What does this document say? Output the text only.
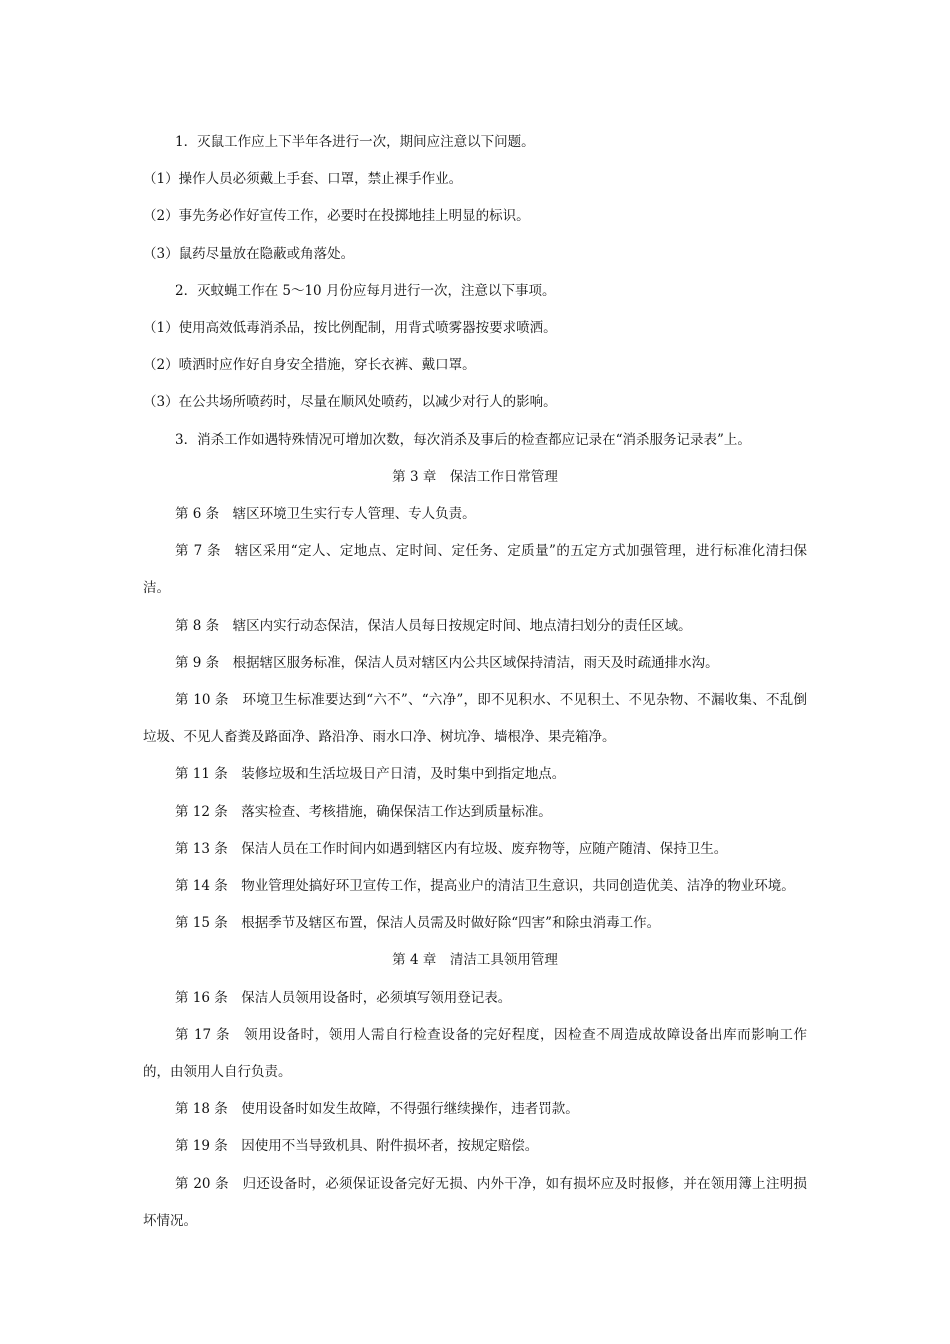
1．灭鼠工作应上下半年各进行一次，期间应注意以下问题。

（1）操作人员必须戴上手套、口罩，禁止裸手作业。

（2）事先务必作好宣传工作，必要时在投掷地挂上明显的标识。

（3）鼠药尽量放在隐蔽或角落处。

2．灭蚊蝇工作在 5～10 月份应每月进行一次，注意以下事项。

（1）使用高效低毒消杀品，按比例配制，用背式喷雾器按要求喷洒。

（2）喷洒时应作好自身安全措施，穿长衣裤、戴口罩。

（3）在公共场所喷药时，尽量在顺风处喷药，以减少对行人的影响。

3．消杀工作如遇特殊情况可增加次数，每次消杀及事后的检查都应记录在“消杀服务记录表”上。

第 3 章　保洁工作日常管理

第 6 条　辖区环境卫生实行专人管理、专人负责。

第 7 条　辖区采用“定人、定地点、定时间、定任务、定质量”的五定方式加强管理，进行标准化清扫保洁。

第 8 条　辖区内实行动态保洁，保洁人员每日按规定时间、地点清扫划分的责任区域。

第 9 条　根据辖区服务标准，保洁人员对辖区内公共区域保持清洁，雨天及时疏通排水沟。

第 10 条　环境卫生标准要达到“六不”、“六净”，即不见积水、不见积土、不见杂物、不漏收集、不乱倒垃圾、不见人畜粪及路面净、路沿净、雨水口净、树坑净、墙根净、果壳箱净。

第 11 条　装修垃圾和生活垃圾日产日清，及时集中到指定地点。

第 12 条　落实检查、考核措施，确保保洁工作达到质量标准。

第 13 条　保洁人员在工作时间内如遇到辖区内有垃圾、废弃物等，应随产随清、保持卫生。

第 14 条　物业管理处搞好环卫宣传工作，提高业户的清洁卫生意识，共同创造优美、洁净的物业环境。

第 15 条　根据季节及辖区布置，保洁人员需及时做好除“四害”和除虫消毒工作。

第 4 章　清洁工具领用管理

第 16 条　保洁人员领用设备时，必须填写领用登记表。

第 17 条　领用设备时，领用人需自行检查设备的完好程度，因检查不周造成故障设备出库而影响工作的，由领用人自行负责。

第 18 条　使用设备时如发生故障，不得强行继续操作，违者罚款。

第 19 条　因使用不当导致机具、附件损坏者，按规定赔偿。

第 20 条　归还设备时，必须保证设备完好无损、内外干净，如有损坏应及时报修，并在领用簿上注明损坏情况。
